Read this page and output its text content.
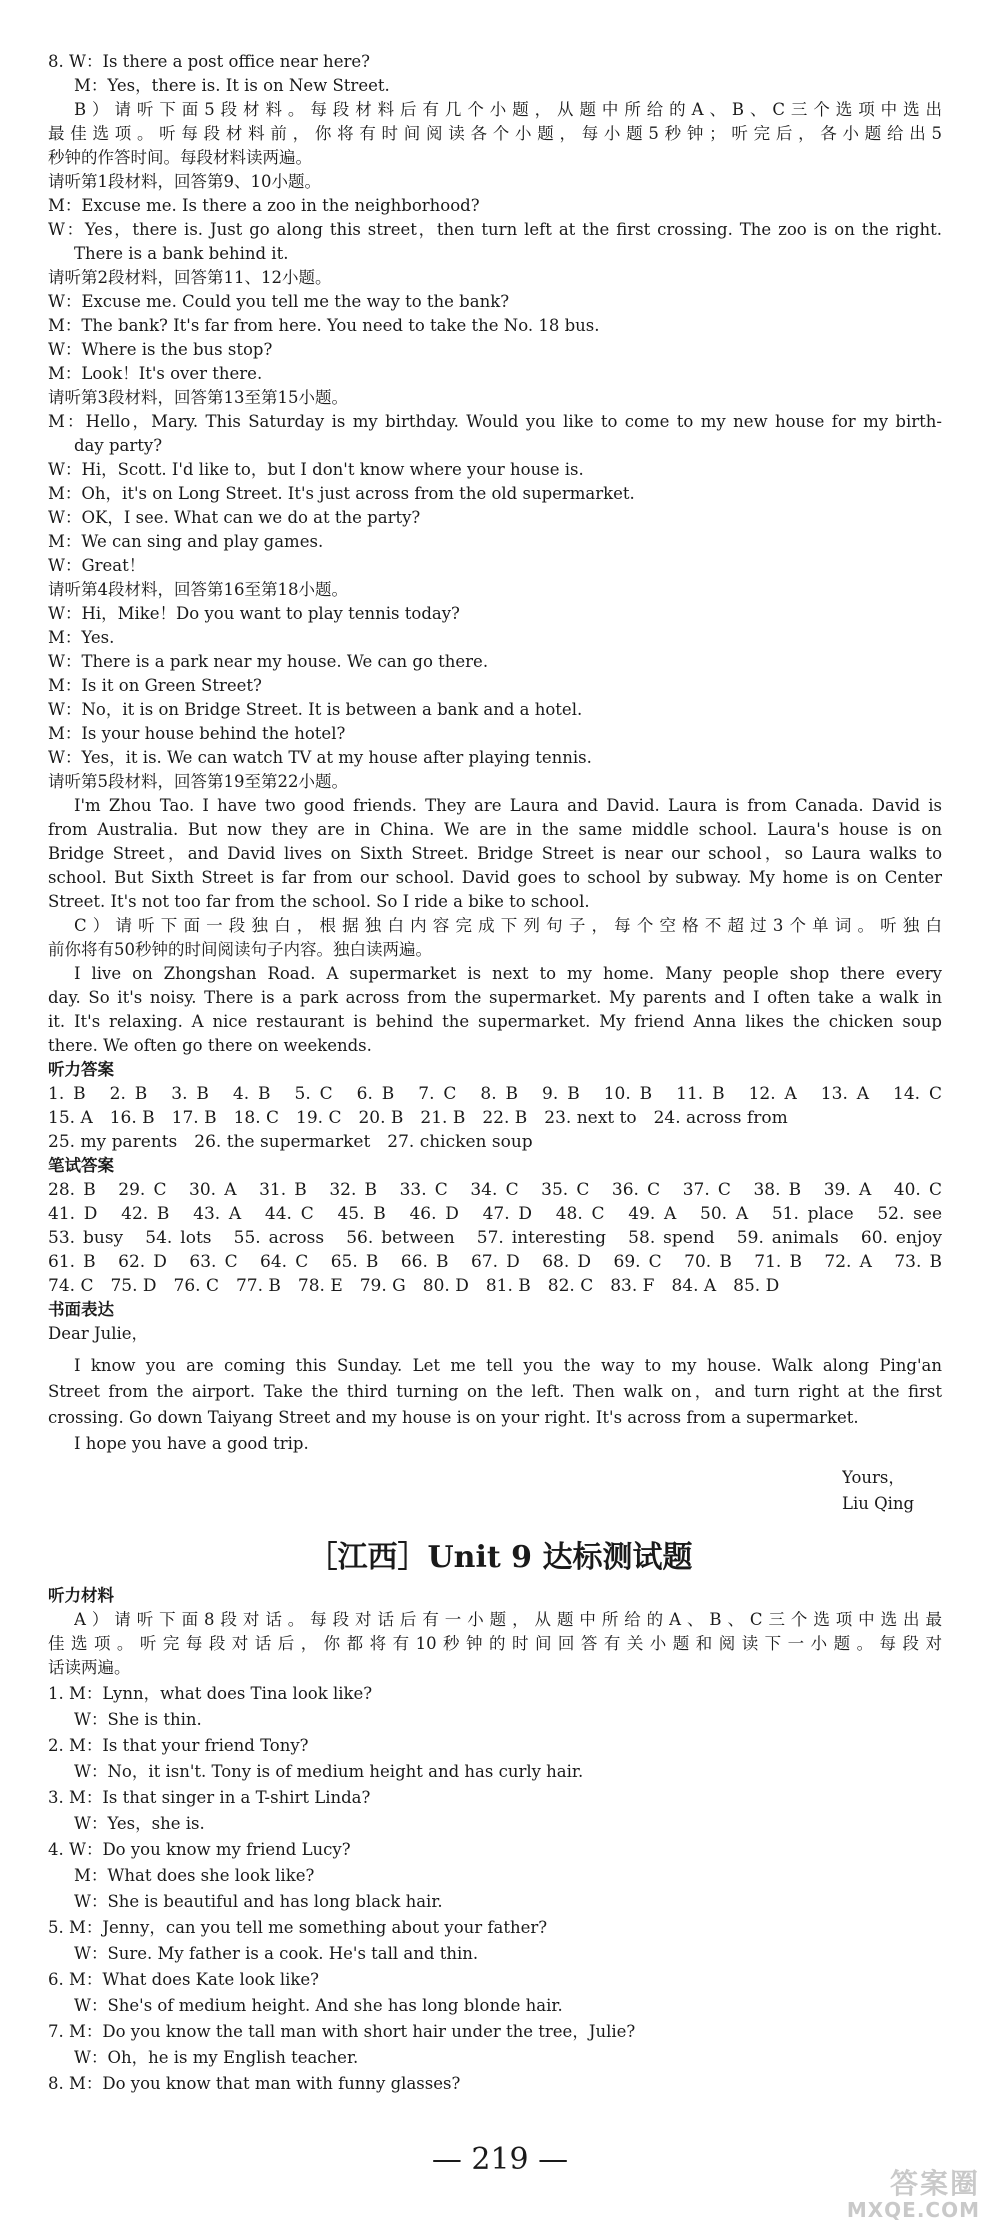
8. W：Is there a post office near here?
M：Yes，there is. It is on New Street.
B）请听下面5段材料。每段材料后有几个小题，从题中所给的A、B、C三个选项中选出
最佳选项。听每段材料前，你将有时间阅读各个小题，每小题5秒钟；听完后，各小题给出5
秒钟的作答时间。每段材料读两遍。
请听第1段材料，回答第9、10小题。
M：Excuse me. Is there a zoo in the neighborhood?
W：Yes，there is. Just go along this street，then turn left at the first crossing. The zoo is on the right.
There is a bank behind it.
请听第2段材料，回答第11、12小题。
W：Excuse me. Could you tell me the way to the bank?
M：The bank? It's far from here. You need to take the No. 18 bus.
W：Where is the bus stop?
M：Look！It's over there.
请听第3段材料，回答第13至第15小题。
M：Hello，Mary. This Saturday is my birthday. Would you like to come to my new house for my birth-
day party?
W：Hi，Scott. I'd like to，but I don't know where your house is.
M：Oh，it's on Long Street. It's just across from the old supermarket.
W：OK，I see. What can we do at the party?
M：We can sing and play games.
W：Great！
请听第4段材料，回答第16至第18小题。
W：Hi，Mike！Do you want to play tennis today?
M：Yes.
W：There is a park near my house. We can go there.
M：Is it on Green Street?
W：No，it is on Bridge Street. It is between a bank and a hotel.
M：Is your house behind the hotel?
W：Yes，it is. We can watch TV at my house after playing tennis.
请听第5段材料，回答第19至第22小题。
I'm Zhou Tao. I have two good friends. They are Laura and David. Laura is from Canada. David is
from Australia. But now they are in China. We are in the same middle school. Laura's house is on
Bridge Street，and David lives on Sixth Street. Bridge Street is near our school，so Laura walks to
school. But Sixth Street is far from our school. David goes to school by subway. My home is on Center
Street. It's not too far from the school. So I ride a bike to school.
C）请听下面一段独白，根据独白内容完成下列句子，每个空格不超过3个单词。听独白
前你将有50秒钟的时间阅读句子内容。独白读两遍。
I live on Zhongshan Road. A supermarket is next to my home. Many people shop there every
day. So it's noisy. There is a park across from the supermarket. My parents and I often take a walk in
it. It's relaxing. A nice restaurant is behind the supermarket. My friend Anna likes the chicken soup
there. We often go there on weekends.
听力答案
1. B　2. B　3. B　4. B　5. C　6. B　7. C　8. B　9. B　10. B　11. B　12. A　13. A　14. C
15. A　16. B　17. B　18. C　19. C　20. B　21. B　22. B　23. next to　24. across from
25. my parents　26. the supermarket　27. chicken soup
笔试答案
28. B　29. C　30. A　31. B　32. B　33. C　34. C　35. C　36. C　37. C　38. B　39. A　40. C
41. D　42. B　43. A　44. C　45. B　46. D　47. D　48. C　49. A　50. A　51. place　52. see
53. busy　54. lots　55. across　56. between　57. interesting　58. spend　59. animals　60. enjoy
61. B　62. D　63. C　64. C　65. B　66. B　67. D　68. D　69. C　70. B　71. B　72. A　73. B
74. C　75. D　76. C　77. B　78. E　79. G　80. D　81. B　82. C　83. F　84. A　85. D
书面表达
Dear Julie，
I know you are coming this Sunday. Let me tell you the way to my house. Walk along Ping'an
Street from the airport. Take the third turning on the left. Then walk on，and turn right at the first
crossing. Go down Taiyang Street and my house is on your right. It's across from a supermarket.
I hope you have a good trip.
Yours，
Liu Qing
［江西］Unit 9 达标测试题
听力材料
A）请听下面8段对话。每段对话后有一小题，从题中所给的A、B、C三个选项中选出最
佳选项。听完每段对话后，你都将有10秒钟的时间回答有关小题和阅读下一小题。每段对
话读两遍。
1. M：Lynn，what does Tina look like?
W：She is thin.
2. M：Is that your friend Tony?
W：No，it isn't. Tony is of medium height and has curly hair.
3. M：Is that singer in a T-shirt Linda?
W：Yes，she is.
4. W：Do you know my friend Lucy?
M：What does she look like?
W：She is beautiful and has long black hair.
5. M：Jenny，can you tell me something about your father?
W：Sure. My father is a cook. He's tall and thin.
6. M：What does Kate look like?
W：She's of medium height. And she has long blonde hair.
7. M：Do you know the tall man with short hair under the tree，Julie?
W：Oh，he is my English teacher.
8. M：Do you know that man with funny glasses?
— 219 —
答案圈
MXQE.COM
